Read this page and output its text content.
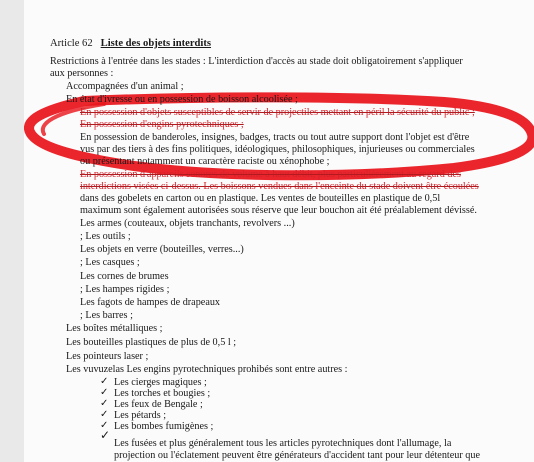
Article 62 Liste des objets interdits
Restrictions à l'entrée dans les stades : L'interdiction d'accès au stade doit obligatoirement s'appliquer
aux personnes :
Accompagnées d'un animal ;
En état d'ivresse ou en possession de boisson alcoolisée ;
En possession d'objets susceptibles de servir de projectiles mettant en péril la sécurité du public ;
En possession d'engins pyrotechniques ;
En possession de banderoles, insignes, badges, tracts ou tout autre support dont l'objet est d'être
vus par des tiers à des fins politiques, idéologiques, philosophiques, injurieuses ou commerciales
ou présentant notamment un caractère raciste ou xénophobe ;
En possession d'appareils sonores de volume à haut débit, plus particulièrement au regard des
interdictions visées ci-dessus. Les boissons vendues dans l'enceinte du stade doivent être écoulées
dans des gobelets en carton ou en plastique. Les ventes de bouteilles en plastique de 0,5l
maximum sont également autorisées sous réserve que leur bouchon ait été préalablement dévissé.
Les armes (couteaux, objets tranchants, revolvers ...)
; Les outils ;
Les objets en verre (bouteilles, verres...)
; Les casques ;
Les cornes de brumes
; Les hampes rigides ;
Les fagots de hampes de drapeaux
; Les barres ;
Les boîtes métalliques ;
Les bouteilles plastiques de plus de 0,5 l ;
Les pointeurs laser ;
Les vuvuzelas Les engins pyrotechniques prohibés sont entre autres :
✓ Les cierges magiques ;
✓ Les torches et bougies ;
✓ Les feux de Bengale ;
✓ Les pétards ;
✓ Les bombes fumigènes ;
✓
Les fusées et plus généralement tous les articles pyrotechniques dont l'allumage, la
projection ou l'éclatement peuvent être générateurs d'accident tant pour leur détenteur que
